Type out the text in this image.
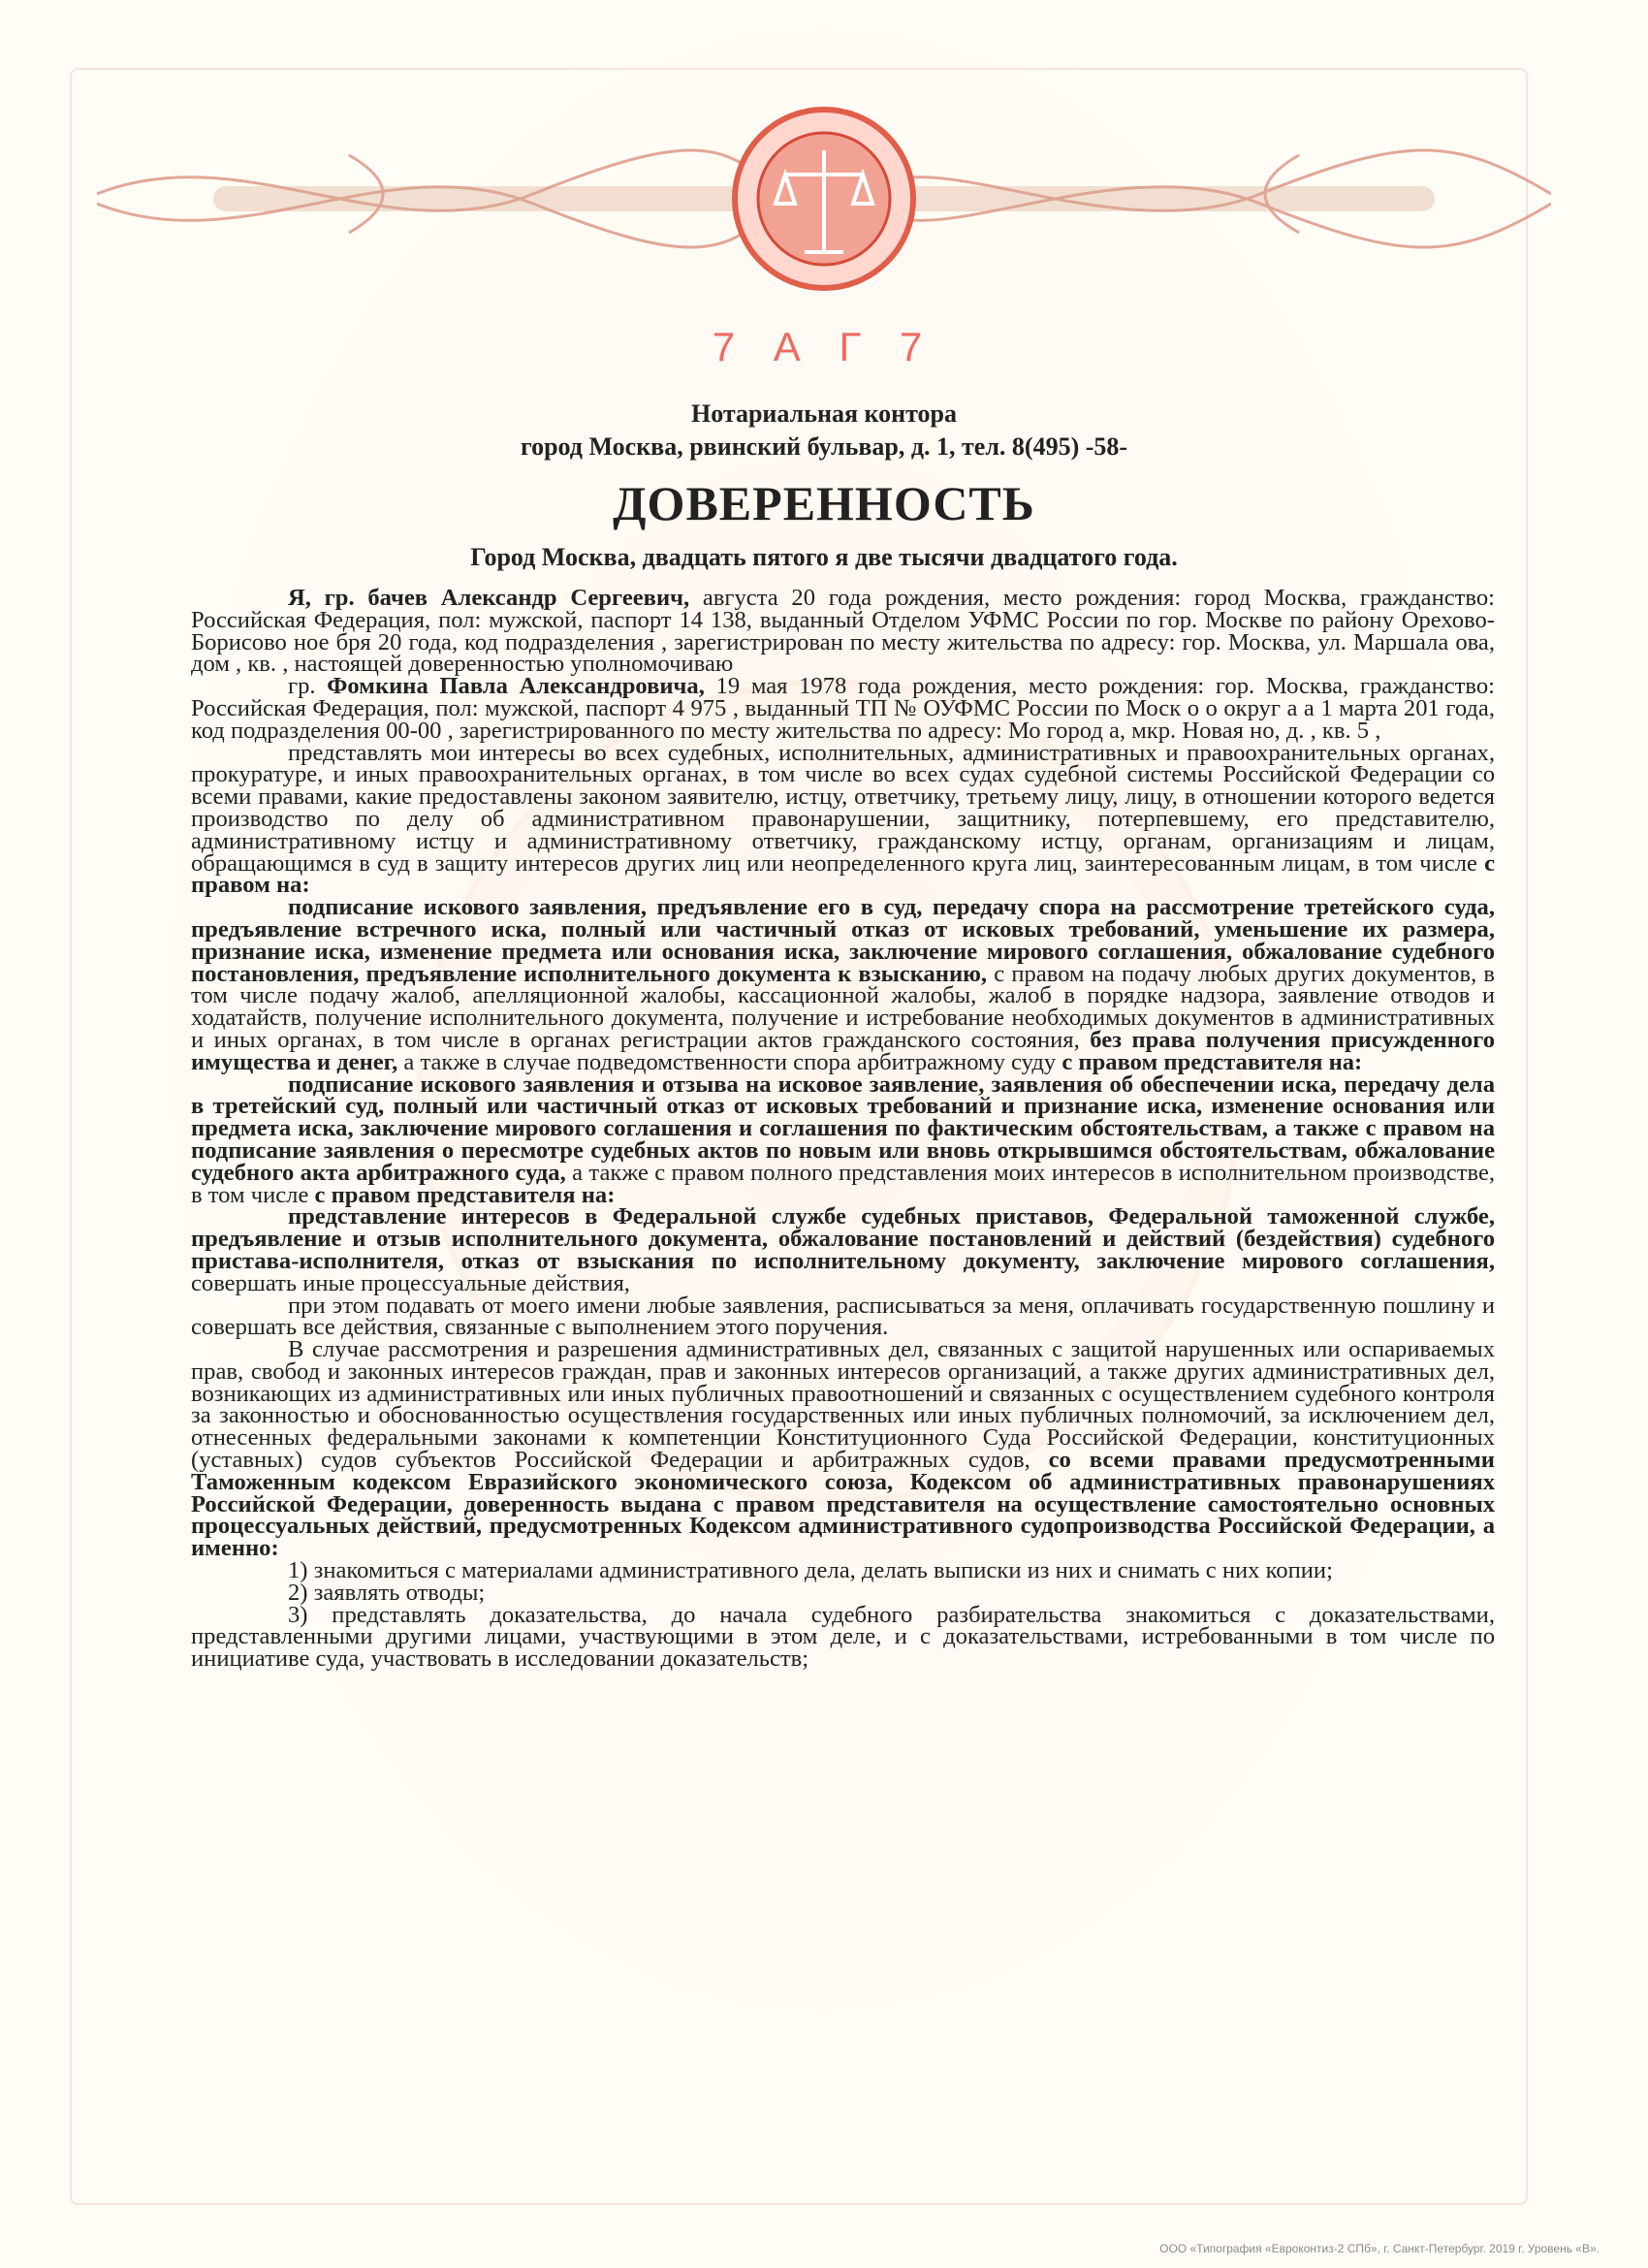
7 А Г 7
Нотариальная контора
город Москва, рвинский бульвар, д. 1, тел. 8(495) -58-
ДОВЕРЕННОСТЬ
Город Москва, двадцать пятого я две тысячи двадцатого года.

Я, гр. бачев Александр Сергеевич, августа 20 года рождения, место рождения: город Москва, гражданство: Российская Федерация, пол: мужской, паспорт 14 138, выданный Отделом УФМС России по гор. Москве по району Орехово-Борисово ное бря 20 года, код подразделения , зарегистрирован по месту жительства по адресу: гор. Москва, ул. Маршала ова, дом , кв. , настоящей доверенностью уполномочиваю

гр. Фомкина Павла Александровича, 19 мая 1978 года рождения, место рождения: гор. Москва, гражданство: Российская Федерация, пол: мужской, паспорт 4 975 , выданный ТП № ОУФМС России по Моск о о округ а а 1 марта 201 года, код подразделения 00-00 , зарегистрированного по месту жительства по адресу: Мо город а, мкр. Новая но, д. , кв. 5 ,

представлять мои интересы во всех судебных, исполнительных, административных и правоохранительных органах, прокуратуре, и иных правоохранительных органах, в том числе во всех судах судебной системы Российской Федерации со всеми правами, какие предоставлены законом заявителю, истцу, ответчику, третьему лицу, лицу, в отношении которого ведется производство по делу об административном правонарушении, защитнику, потерпевшему, его представителю, административному истцу и административному ответчику, гражданскому истцу, органам, организациям и лицам, обращающимся в суд в защиту интересов других лиц или неопределенного круга лиц, заинтересованным лицам, в том числе с правом на:

подписание искового заявления, предъявление его в суд, передачу спора на рассмотрение третейского суда, предъявление встречного иска, полный или частичный отказ от исковых требований, уменьшение их размера, признание иска, изменение предмета или основания иска, заключение мирового соглашения, обжалование судебного постановления, предъявление исполнительного документа к взысканию, с правом на подачу любых других документов, в том числе подачу жалоб, апелляционной жалобы, кассационной жалобы, жалоб в порядке надзора, заявление отводов и ходатайств, получение исполнительного документа, получение и истребование необходимых документов в административных и иных органах, в том числе в органах регистрации актов гражданского состояния, без права получения присужденного имущества и денег, а также в случае подведомственности спора арбитражному суду с правом представителя на:

подписание искового заявления и отзыва на исковое заявление, заявления об обеспечении иска, передачу дела в третейский суд, полный или частичный отказ от исковых требований и признание иска, изменение основания или предмета иска, заключение мирового соглашения и соглашения по фактическим обстоятельствам, а также с правом на подписание заявления о пересмотре судебных актов по новым или вновь открывшимся обстоятельствам, обжалование судебного акта арбитражного суда, а также с правом полного представления моих интересов в исполнительном производстве, в том числе с правом представителя на:

представление интересов в Федеральной службе судебных приставов, Федеральной таможенной службе, предъявление и отзыв исполнительного документа, обжалование постановлений и действий (бездействия) судебного пристава-исполнителя, отказ от взыскания по исполнительному документу, заключение мирового соглашения, совершать иные процессуальные действия,

при этом подавать от моего имени любые заявления, расписываться за меня, оплачивать государственную пошлину и совершать все действия, связанные с выполнением этого поручения.

В случае рассмотрения и разрешения административных дел, связанных с защитой нарушенных или оспариваемых прав, свобод и законных интересов граждан, прав и законных интересов организаций, а также других административных дел, возникающих из административных или иных публичных правоотношений и связанных с осуществлением судебного контроля за законностью и обоснованностью осуществления государственных или иных публичных полномочий, за исключением дел, отнесенных федеральными законами к компетенции Конституционного Суда Российской Федерации, конституционных (уставных) судов субъектов Российской Федерации и арбитражных судов, со всеми правами предусмотренными Таможенным кодексом Евразийского экономического союза, Кодексом об административных правонарушениях Российской Федерации, доверенность выдана с правом представителя на осуществление самостоятельно основных процессуальных действий, предусмотренных Кодексом административного судопроизводства Российской Федерации, а именно:

1) знакомиться с материалами административного дела, делать выписки из них и снимать с них копии;

2) заявлять отводы;

3) представлять доказательства, до начала судебного разбирательства знакомиться с доказательствами, представленными другими лицами, участвующими в этом деле, и с доказательствами, истребованными в том числе по инициативе суда, участвовать в исследовании доказательств;

ООО «Типография «Евроконтиз-2 СПб», г. Санкт-Петербург. 2019 г. Уровень «В».
